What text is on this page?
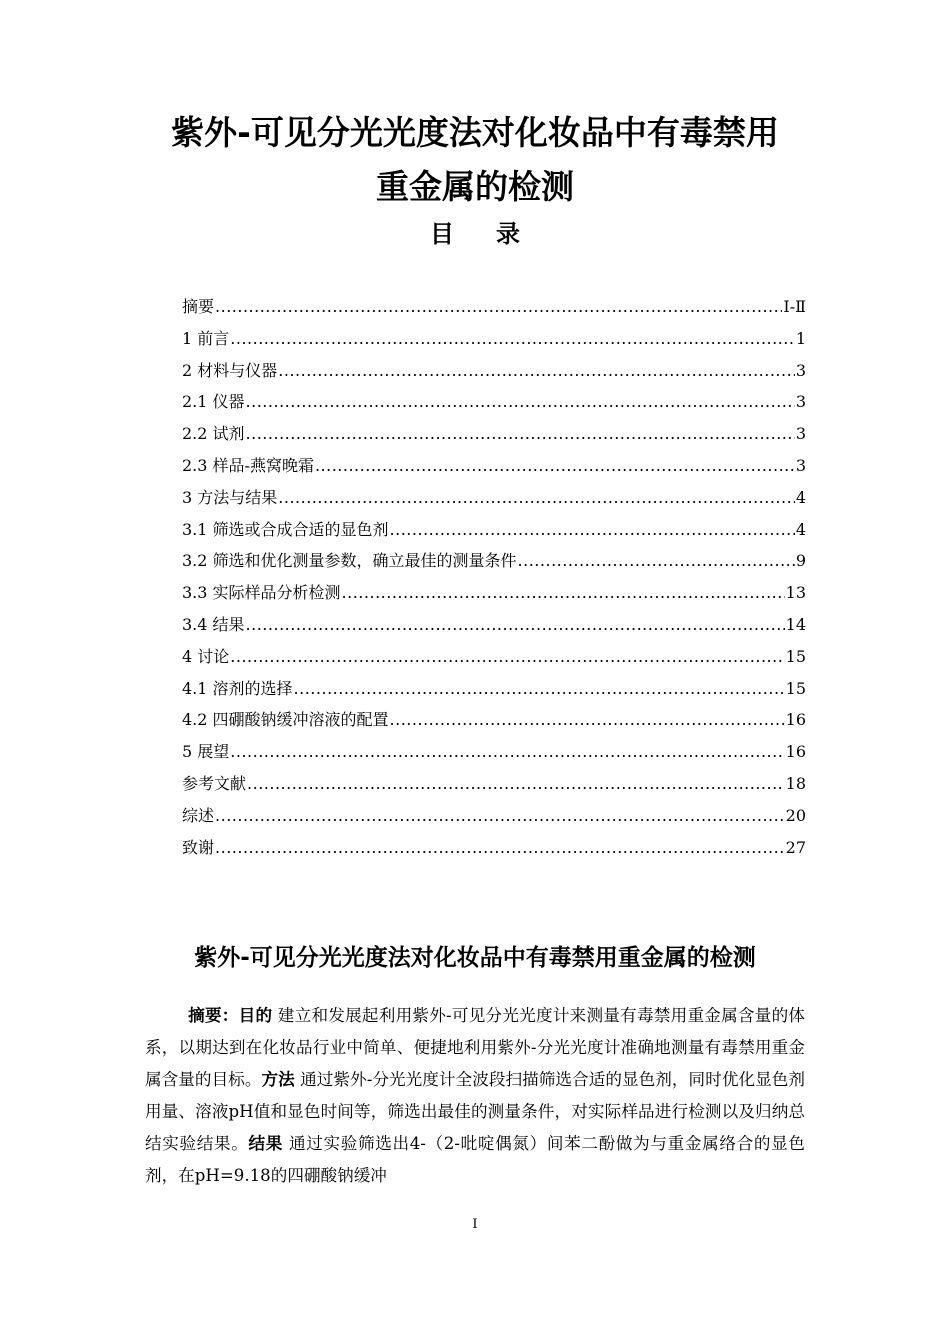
紫外-可见分光光度法对化妆品中有毒禁用
重金属的检测
目录
摘要 .....	I-Ⅱ
1 前言 .....	1
2 材料与仪器 .....	3
2.1 仪器 .....	3
2.2 试剂 .....	3
2.3 样品-燕窝晚霜 .....	3
3 方法与结果 .....	4
3.1 筛选或合成合适的显色剂 .....	4
3.2 筛选和优化测量参数，确立最佳的测量条件 .....	9
3.3 实际样品分析检测 .....	13
3.4 结果 .....	14
4 讨论 .....	15
4.1 溶剂的选择 .....	15
4.2 四硼酸钠缓冲溶液的配置 .....	16
5 展望 .....	16
参考文献 .....	18
综述 .....	20
致谢 .....	27
紫外-可见分光光度法对化妆品中有毒禁用重金属的检测

摘要：目的 建立和发展起利用紫外-可见分光光度计来测量有毒禁用重金属含量的体系，以期达到在化妆品行业中简单、便捷地利用紫外-分光光度计准确地测量有毒禁用重金属含量的目标。方法 通过紫外-分光光度计全波段扫描筛选合适的显色剂，同时优化显色剂用量、溶液pH值和显色时间等，筛选出最佳的测量条件，对实际样品进行检测以及归纳总结实验结果。结果 通过实验筛选出4-（2-吡啶偶氮）间苯二酚做为与重金属络合的显色剂，在pH=9.18的四硼酸钠缓冲

I
